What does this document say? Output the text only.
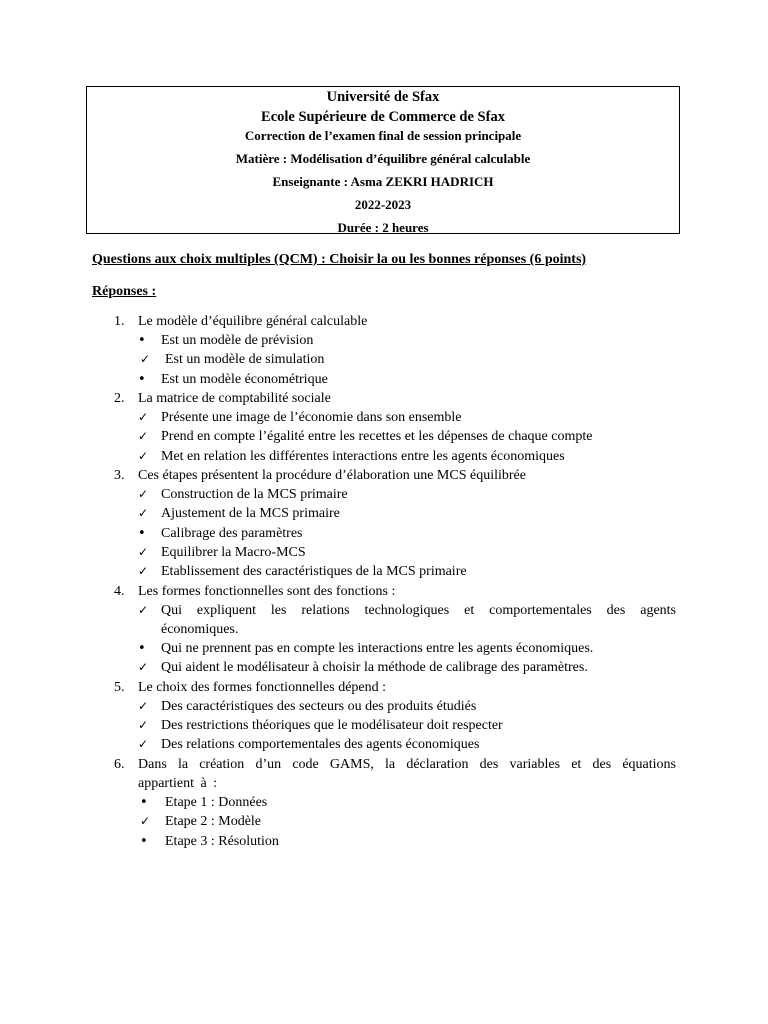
Université de Sfax
Ecole Supérieure de Commerce de Sfax
Correction de l’examen final de session principale
Matière : Modélisation d’équilibre général calculable
Enseignante : Asma ZEKRI HADRICH
2022-2023
Durée : 2 heures
Questions aux choix multiples (QCM) : Choisir la ou les bonnes réponses (6 points)
Réponses :
1. Le modèle d’équilibre général calculable
•	Est un modèle de prévision
✓	Est un modèle de simulation
•	Est un modèle économétrique
2. La matrice de comptabilité sociale
✓ Présente une image de l’économie dans son ensemble
✓ Prend en compte l’égalité entre les recettes et les dépenses de chaque compte
✓ Met en relation les différentes interactions entre les agents économiques
3. Ces étapes présentent la procédure d’élaboration une MCS équilibrée
✓ Construction de la MCS primaire
✓ Ajustement de la MCS primaire
•	Calibrage des paramètres
✓ Equilibrer la Macro-MCS
✓ Etablissement des caractéristiques de la MCS primaire
4. Les formes fonctionnelles sont des fonctions :
✓ Qui expliquent les relations technologiques et comportementales des agents économiques.
•	Qui ne prennent pas en compte les interactions entre les agents économiques.
✓ Qui aident le modélisateur à choisir la méthode de calibrage des paramètres.
5. Le choix des formes fonctionnelles dépend :
✓ Des caractéristiques des secteurs ou des produits étudiés
✓ Des restrictions théoriques que le modélisateur doit respecter
✓ Des relations comportementales des agents économiques
6. Dans la création d’un code GAMS, la déclaration des variables et des équations appartient à :
•	Etape 1 : Données
✓	Etape 2 : Modèle
•	Etape 3 : Résolution
